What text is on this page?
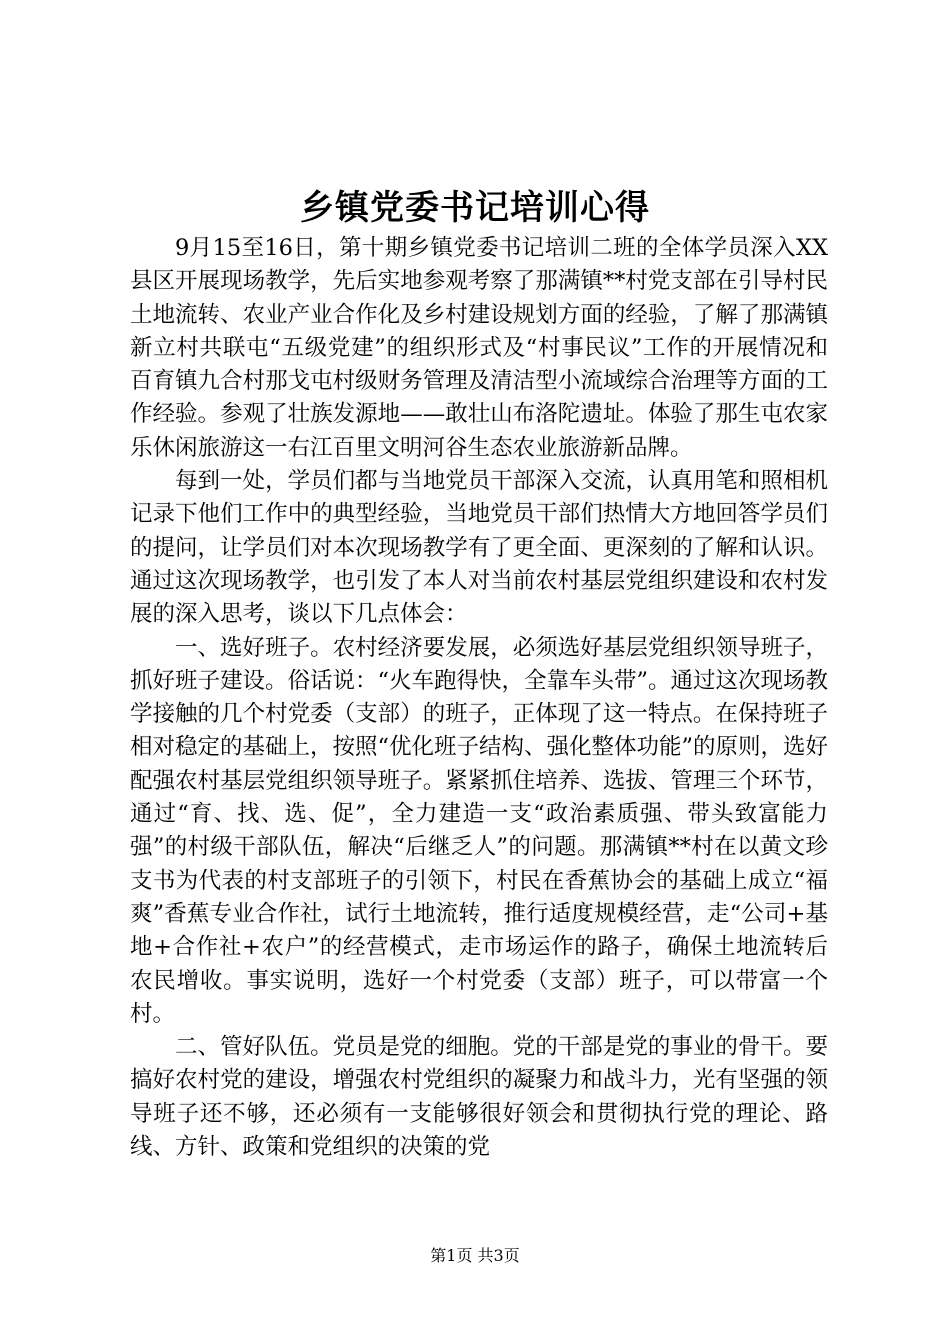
乡镇党委书记培训心得

9月15至16日，第十期乡镇党委书记培训二班的全体学员深入XX县区开展现场教学，先后实地参观考察了那满镇**村党支部在引导村民土地流转、农业产业合作化及乡村建设规划方面的经验，了解了那满镇新立村共联屯“五级党建”的组织形式及“村事民议”工作的开展情况和百育镇九合村那戈屯村级财务管理及清洁型小流域综合治理等方面的工作经验。参观了壮族发源地——敢壮山布洛陀遗址。体验了那生屯农家乐休闲旅游这一右江百里文明河谷生态农业旅游新品牌。

每到一处，学员们都与当地党员干部深入交流，认真用笔和照相机记录下他们工作中的典型经验，当地党员干部们热情大方地回答学员们的提问，让学员们对本次现场教学有了更全面、更深刻的了解和认识。通过这次现场教学，也引发了本人对当前农村基层党组织建设和农村发展的深入思考，谈以下几点体会：

一、选好班子。农村经济要发展，必须选好基层党组织领导班子，抓好班子建设。俗话说：“火车跑得快，全靠车头带”。通过这次现场教学接触的几个村党委（支部）的班子，正体现了这一特点。在保持班子相对稳定的基础上，按照“优化班子结构、强化整体功能”的原则，选好配强农村基层党组织领导班子。紧紧抓住培养、选拔、管理三个环节，通过“育、找、选、促”，全力建造一支“政治素质强、带头致富能力强”的村级干部队伍，解决“后继乏人”的问题。那满镇**村在以黄文珍支书为代表的村支部班子的引领下，村民在香蕉协会的基础上成立“福爽”香蕉专业合作社，试行土地流转，推行适度规模经营，走“公司+基地+合作社+农户”的经营模式，走市场运作的路子，确保土地流转后农民增收。事实说明，选好一个村党委（支部）班子，可以带富一个村。

二、管好队伍。党员是党的细胞。党的干部是党的事业的骨干。要搞好农村党的建设，增强农村党组织的凝聚力和战斗力，光有坚强的领导班子还不够，还必须有一支能够很好领会和贯彻执行党的理论、路线、方针、政策和党组织的决策的党

第1页 共3页
